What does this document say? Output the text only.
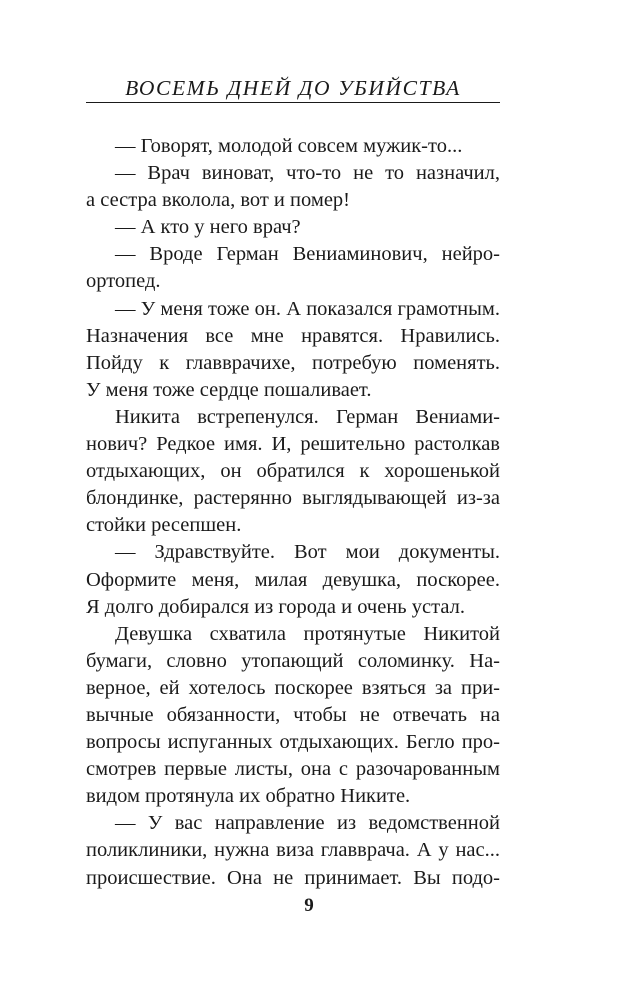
ВОСЕМЬ ДНЕЙ ДО УБИЙСТВА
— Говорят, молодой совсем мужик-то...
— Врач виноват, что-то не то назначил,
а сестра вколола, вот и помер!
— А кто у него врач?
— Вроде Герман Вениаминович, нейро-
ортопед.
— У меня тоже он. А показался грамотным.
Назначения все мне нравятся. Нравились.
Пойду к главврачихе, потребую поменять.
У меня тоже сердце пошаливает.
Никита встрепенулся. Герман Вениами-
нович? Редкое имя. И, решительно растолкав
отдыхающих, он обратился к хорошенькой
блондинке, растерянно выглядывающей из-за
стойки ресепшен.
— Здравствуйте. Вот мои документы.
Оформите меня, милая девушка, поскорее.
Я долго добирался из города и очень устал.
Девушка схватила протянутые Никитой
бумаги, словно утопающий соломинку. На-
верное, ей хотелось поскорее взяться за при-
вычные обязанности, чтобы не отвечать на
вопросы испуганных отдыхающих. Бегло про-
смотрев первые листы, она с разочарованным
видом протянула их обратно Никите.
— У вас направление из ведомственной
поликлиники, нужна виза главврача. А у нас...
происшествие. Она не принимает. Вы подо-
9
